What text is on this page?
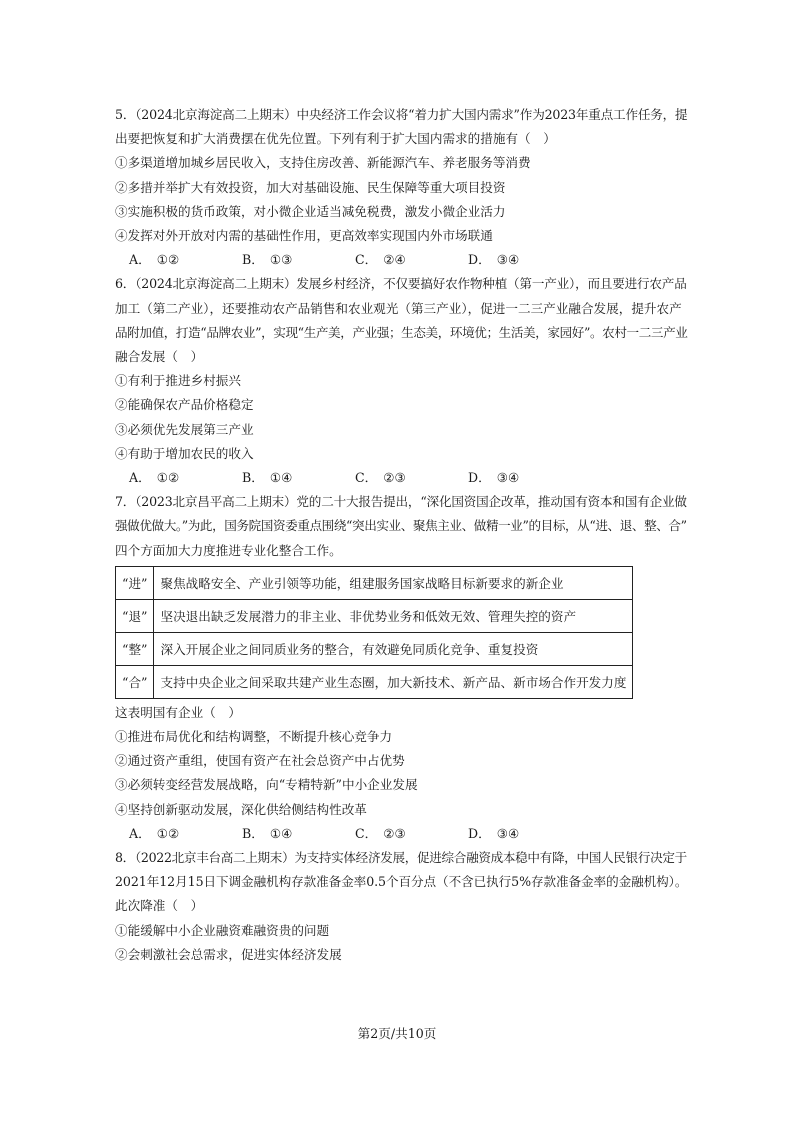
5．（2024北京海淀高二上期末）中央经济工作会议将“着力扩大国内需求”作为2023年重点工作任务，提
出要把恢复和扩大消费摆在优先位置。下列有利于扩大国内需求的措施有（　）
①多渠道增加城乡居民收入，支持住房改善、新能源汽车、养老服务等消费
②多措并举扩大有效投资，加大对基础设施、民生保障等重大项目投资
③实施积极的货币政策，对小微企业适当减免税费，激发小微企业活力
④发挥对外开放对内需的基础性作用，更高效率实现国内外市场联通
A． ①②	B． ①③	C． ②④	D． ③④
6．（2024北京海淀高二上期末）发展乡村经济，不仅要搞好农作物种植（第一产业），而且要进行农产品
加工（第二产业），还要推动农产品销售和农业观光（第三产业），促进一二三产业融合发展，提升农产
品附加值，打造“品牌农业”，实现“生产美，产业强；生态美，环境优；生活美，家园好”。农村一二三产业
融合发展（　）
①有利于推进乡村振兴
②能确保农产品价格稳定
③必须优先发展第三产业
④有助于增加农民的收入
A． ①②	B． ①④	C． ②③	D． ③④
7．（2023北京昌平高二上期末）党的二十大报告提出，“深化国资国企改革，推动国有资本和国有企业做
强做优做大。”为此，国务院国资委重点围绕“突出实业、聚焦主业、做精一业”的目标，从“进、退、整、合”
四个方面加大力度推进专业化整合工作。
“进”	聚焦战略安全、产业引领等功能，组建服务国家战略目标新要求的新企业
“退”	坚决退出缺乏发展潜力的非主业、非优势业务和低效无效、管理失控的资产
“整”	深入开展企业之间同质业务的整合，有效避免同质化竞争、重复投资
“合”	支持中央企业之间采取共建产业生态圈，加大新技术、新产品、新市场合作开发力度
这表明国有企业（　）
①推进布局优化和结构调整，不断提升核心竞争力
②通过资产重组，使国有资产在社会总资产中占优势
③必须转变经营发展战略，向“专精特新”中小企业发展
④坚持创新驱动发展，深化供给侧结构性改革
A． ①②	B． ①④	C． ②③	D． ③④
8．（2022北京丰台高二上期末）为支持实体经济发展，促进综合融资成本稳中有降，中国人民银行决定于
2021年12月15日下调金融机构存款准备金率0.5个百分点（不含已执行5%存款准备金率的金融机构）。
此次降准（　）
①能缓解中小企业融资难融资贵的问题
②会刺激社会总需求，促进实体经济发展
第2页/共10页
